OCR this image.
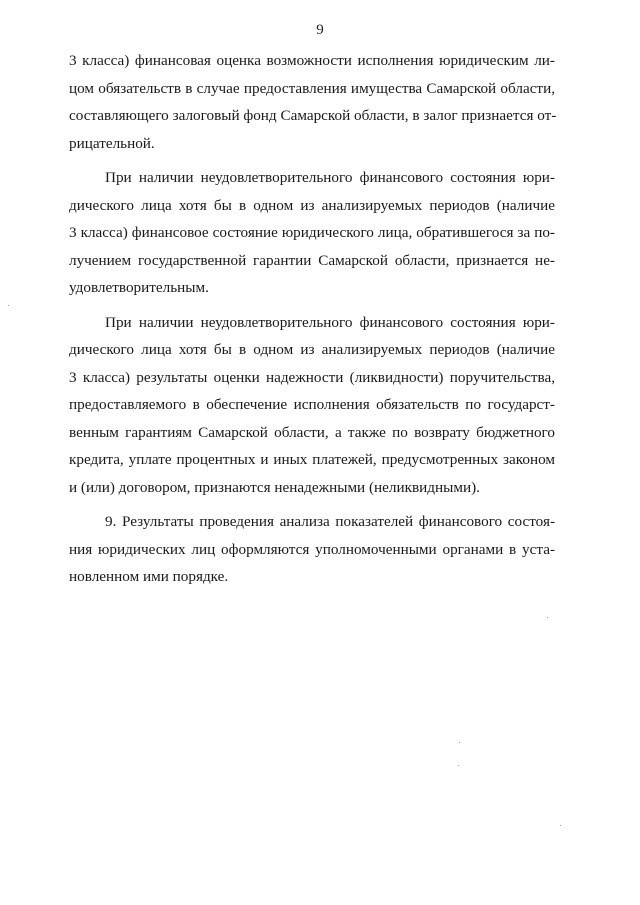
9
3 класса) финансовая оценка возможности исполнения юридическим ли-
цом обязательств в случае предоставления имущества Самарской области,
составляющего залоговый фонд Самарской области, в залог признается от-
рицательной.
При наличии неудовлетворительного финансового состояния юри-
дического лица хотя бы в одном из анализируемых периодов (наличие
3 класса) финансовое состояние юридического лица, обратившегося за по-
лучением государственной гарантии Самарской области, признается не-
удовлетворительным.
При наличии неудовлетворительного финансового состояния юри-
дического лица хотя бы в одном из анализируемых периодов (наличие
3 класса) результаты оценки надежности (ликвидности) поручительства,
предоставляемого в обеспечение исполнения обязательств по государст-
венным гарантиям Самарской области, а также по возврату бюджетного
кредита, уплате процентных и иных платежей, предусмотренных законом
и (или) договором, признаются ненадежными (неликвидными).
9. Результаты проведения анализа показателей финансового состоя-
ния юридических лиц оформляются уполномоченными органами в уста-
новленном ими порядке.
